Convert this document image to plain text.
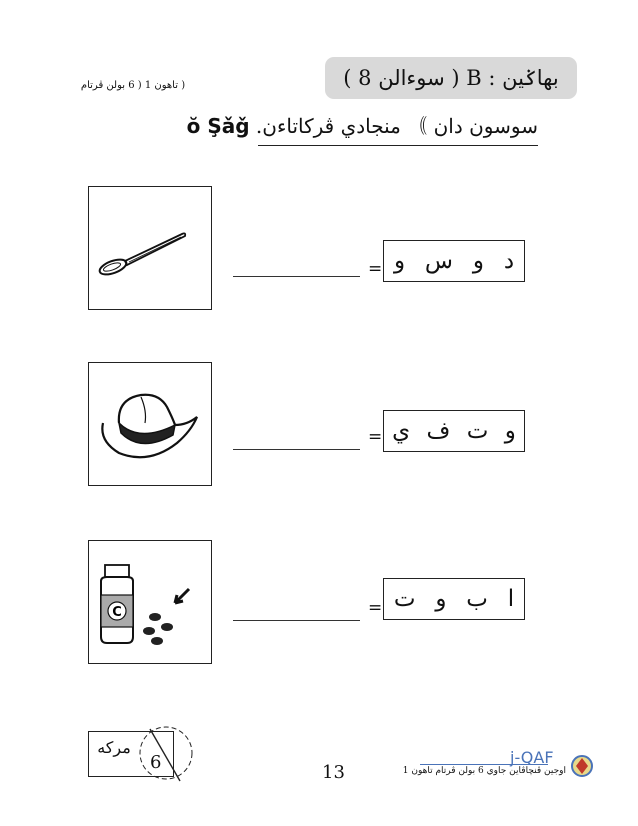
( تاهون 1 ( 6 بولن ڤرتام	بهاݢين : B ( سوءالن 8 )
سوسون دان ｠ منجادي ڤركاتاءن. ŏ Şǎǧ
=	د
و
س
و
=	و
ت
ف
ي
C	=	ا
ب
و
ت
مركه
6	13
j-QAF
اوجين ڤنچاڤاين جاوي 6 بولن ڤرتام تاهون 1
